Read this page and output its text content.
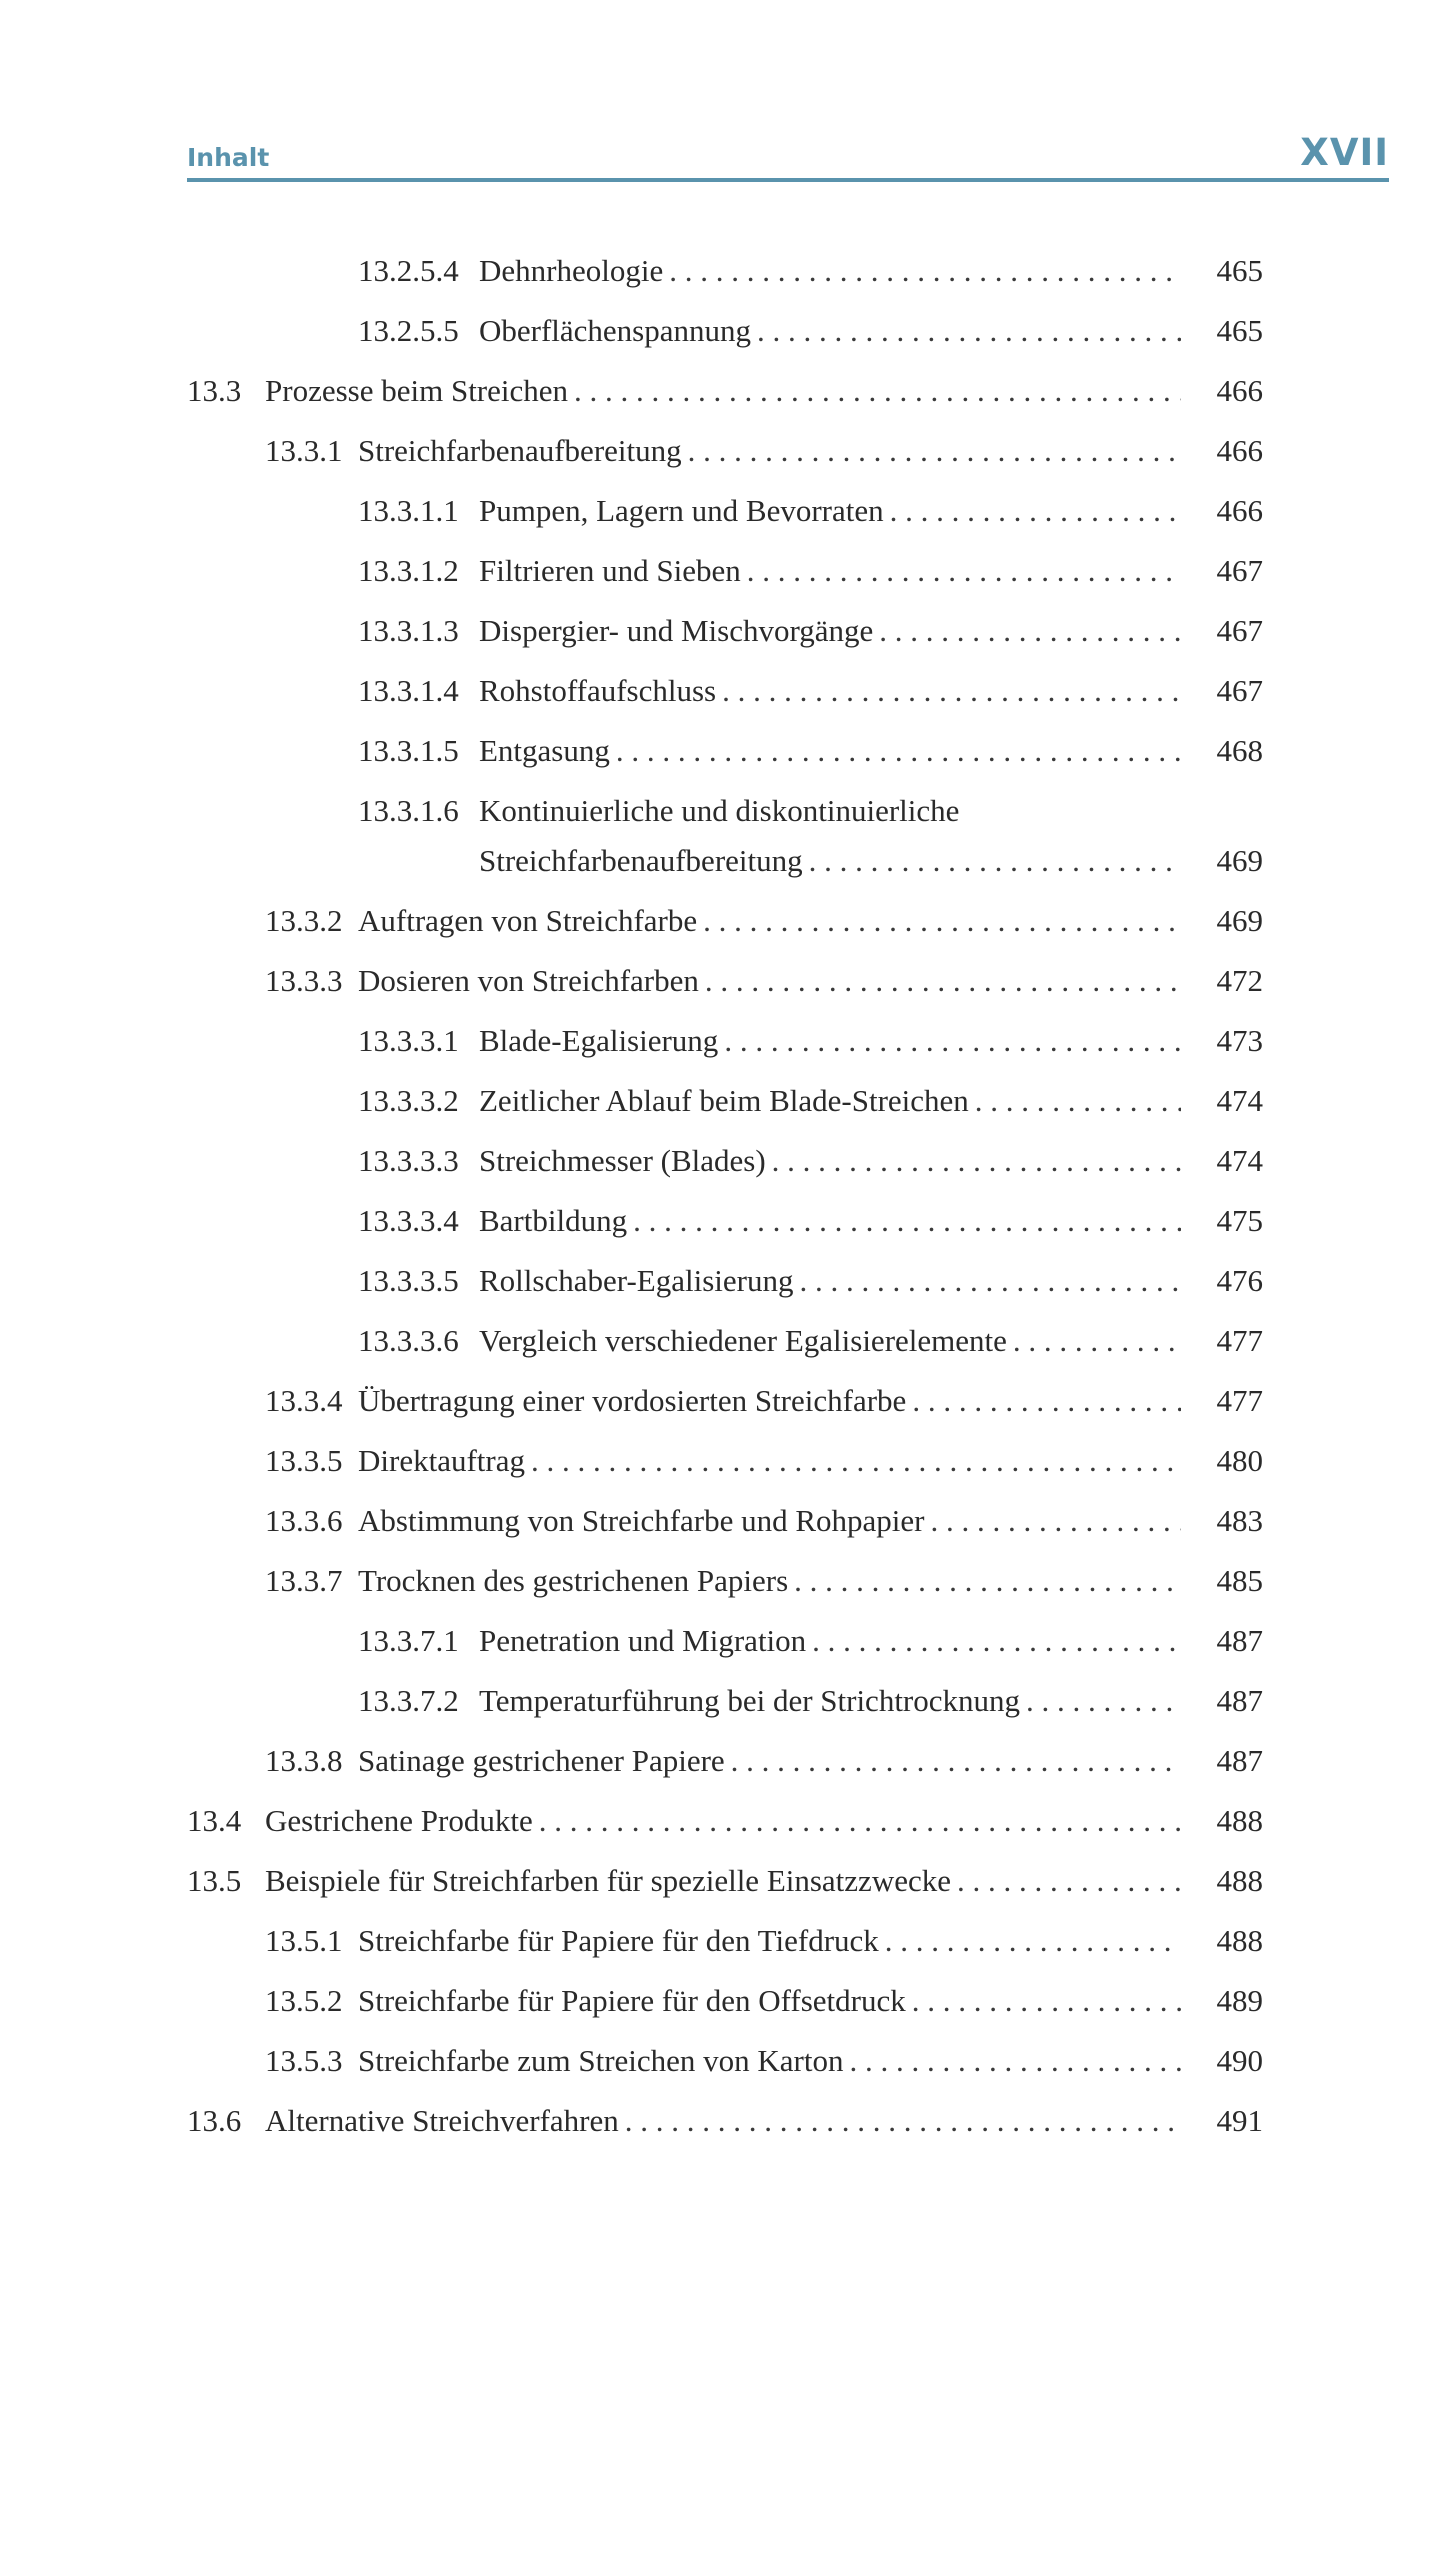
Inhalt	XVII
13.2.5.4 Dehnrheologie . . .	465
13.2.5.5 Oberflächenspannung . . .	465
13.3 Prozesse beim Streichen . . .	466
13.3.1 Streichfarbenaufbereitung . . .	466
13.3.1.1 Pumpen, Lagern und Bevorraten . . .	466
13.3.1.2 Filtrieren und Sieben . . .	467
13.3.1.3 Dispergier- und Mischvorgänge . . .	467
13.3.1.4 Rohstoffaufschluss . . .	467
13.3.1.5 Entgasung . . .	468
13.3.1.6 Kontinuierliche und diskontinuierliche
Streichfarbenaufbereitung . . .	469
13.3.2 Auftragen von Streichfarbe . . .	469
13.3.3 Dosieren von Streichfarben . . .	472
13.3.3.1 Blade-Egalisierung . . .	473
13.3.3.2 Zeitlicher Ablauf beim Blade-Streichen . . .	474
13.3.3.3 Streichmesser (Blades) . . .	474
13.3.3.4 Bartbildung . . .	475
13.3.3.5 Rollschaber-Egalisierung . . .	476
13.3.3.6 Vergleich verschiedener Egalisierelemente . . .	477
13.3.4 Übertragung einer vordosierten Streichfarbe . . .	477
13.3.5 Direktauftrag . . .	480
13.3.6 Abstimmung von Streichfarbe und Rohpapier . . .	483
13.3.7 Trocknen des gestrichenen Papiers . . .	485
13.3.7.1 Penetration und Migration . . .	487
13.3.7.2 Temperaturführung bei der Strichtrocknung . . .	487
13.3.8 Satinage gestrichener Papiere . . .	487
13.4 Gestrichene Produkte . . .	488
13.5 Beispiele für Streichfarben für spezielle Einsatzzwecke . . .	488
13.5.1 Streichfarbe für Papiere für den Tiefdruck . . .	488
13.5.2 Streichfarbe für Papiere für den Offsetdruck . . .	489
13.5.3 Streichfarbe zum Streichen von Karton . . .	490
13.6 Alternative Streichverfahren . . .	491
